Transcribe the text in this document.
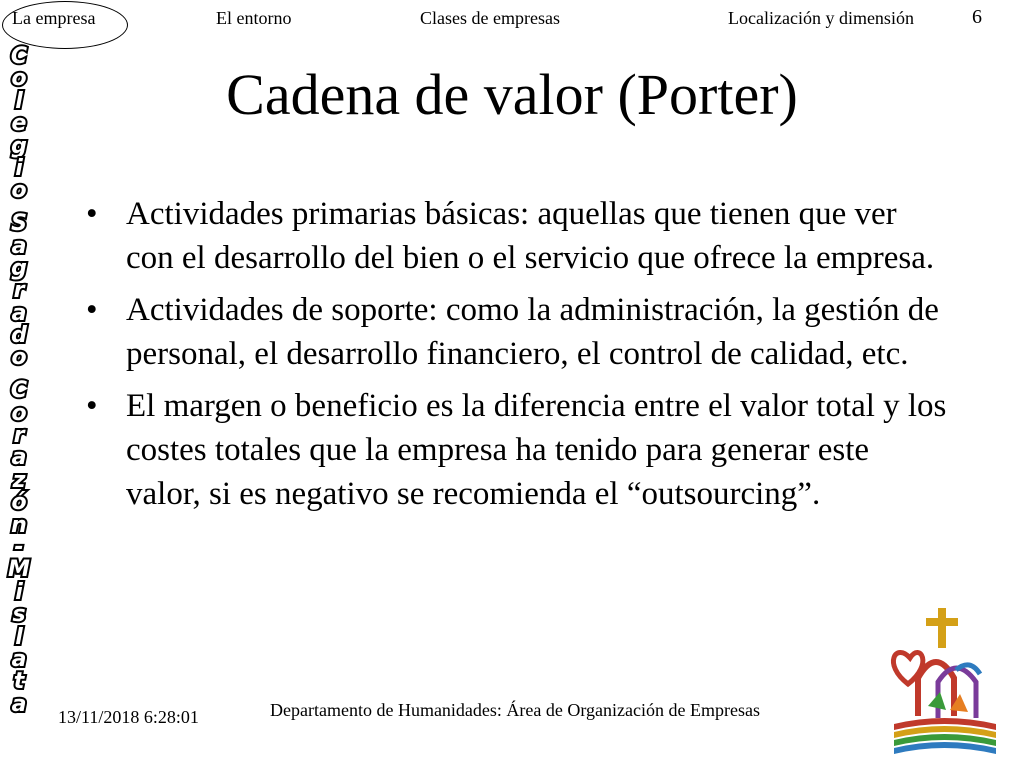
La empresa	El entorno	Clases de empresas	Localización y dimensión	6
C
o
l
e
g
i
o
S
a
g
r
a
d
o
C
o
r
a
z
ó
n
-
M
i
s
l
a
t
a
Cadena de valor (Porter)
• Actividades primarias básicas: aquellas que tienen que ver con el desarrollo del bien o el servicio que ofrece la empresa.
• Actividades de soporte: como la administración, la gestión de personal, el desarrollo financiero, el control de calidad, etc.
• El margen o beneficio es la diferencia entre el valor total y los costes totales que la empresa ha tenido para generar este valor, si es negativo se recomienda el “outsourcing”.
13/11/2018 6:28:01	Departamento de Humanidades: Área de Organización de Empresas
